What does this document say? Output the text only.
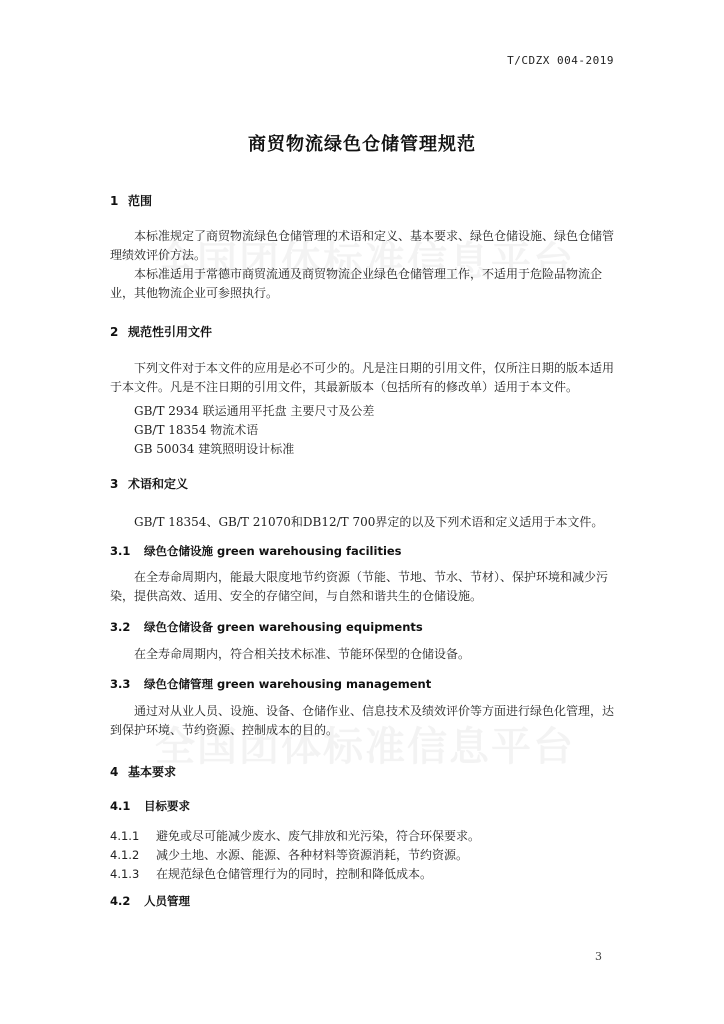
T/CDZX 004-2019
商贸物流绿色仓储管理规范
1 范围
本标准规定了商贸物流绿色仓储管理的术语和定义、基本要求、绿色仓储设施、绿色仓储管理绩效评价方法。
本标准适用于常德市商贸流通及商贸物流企业绿色仓储管理工作，不适用于危险品物流企业，其他物流企业可参照执行。
2 规范性引用文件
下列文件对于本文件的应用是必不可少的。凡是注日期的引用文件，仅所注日期的版本适用于本文件。凡是不注日期的引用文件，其最新版本（包括所有的修改单）适用于本文件。
GB/T 2934 联运通用平托盘 主要尺寸及公差
GB/T 18354 物流术语
GB 50034 建筑照明设计标准
3 术语和定义
GB/T 18354、GB/T 21070和DB12/T 700界定的以及下列术语和定义适用于本文件。
3.1 绿色仓储设施 green warehousing facilities
在全寿命周期内，能最大限度地节约资源（节能、节地、节水、节材）、保护环境和减少污染，提供高效、适用、安全的存储空间，与自然和谐共生的仓储设施。
3.2 绿色仓储设备 green warehousing equipments
在全寿命周期内，符合相关技术标准、节能环保型的仓储设备。
3.3 绿色仓储管理 green warehousing management
通过对从业人员、设施、设备、仓储作业、信息技术及绩效评价等方面进行绿色化管理，达到保护环境、节约资源、控制成本的目的。
4 基本要求
4.1 目标要求
4.1.1 避免或尽可能减少废水、废气排放和光污染，符合环保要求。
4.1.2 减少土地、水源、能源、各种材料等资源消耗，节约资源。
4.1.3 在规范绿色仓储管理行为的同时，控制和降低成本。
4.2 人员管理
3
